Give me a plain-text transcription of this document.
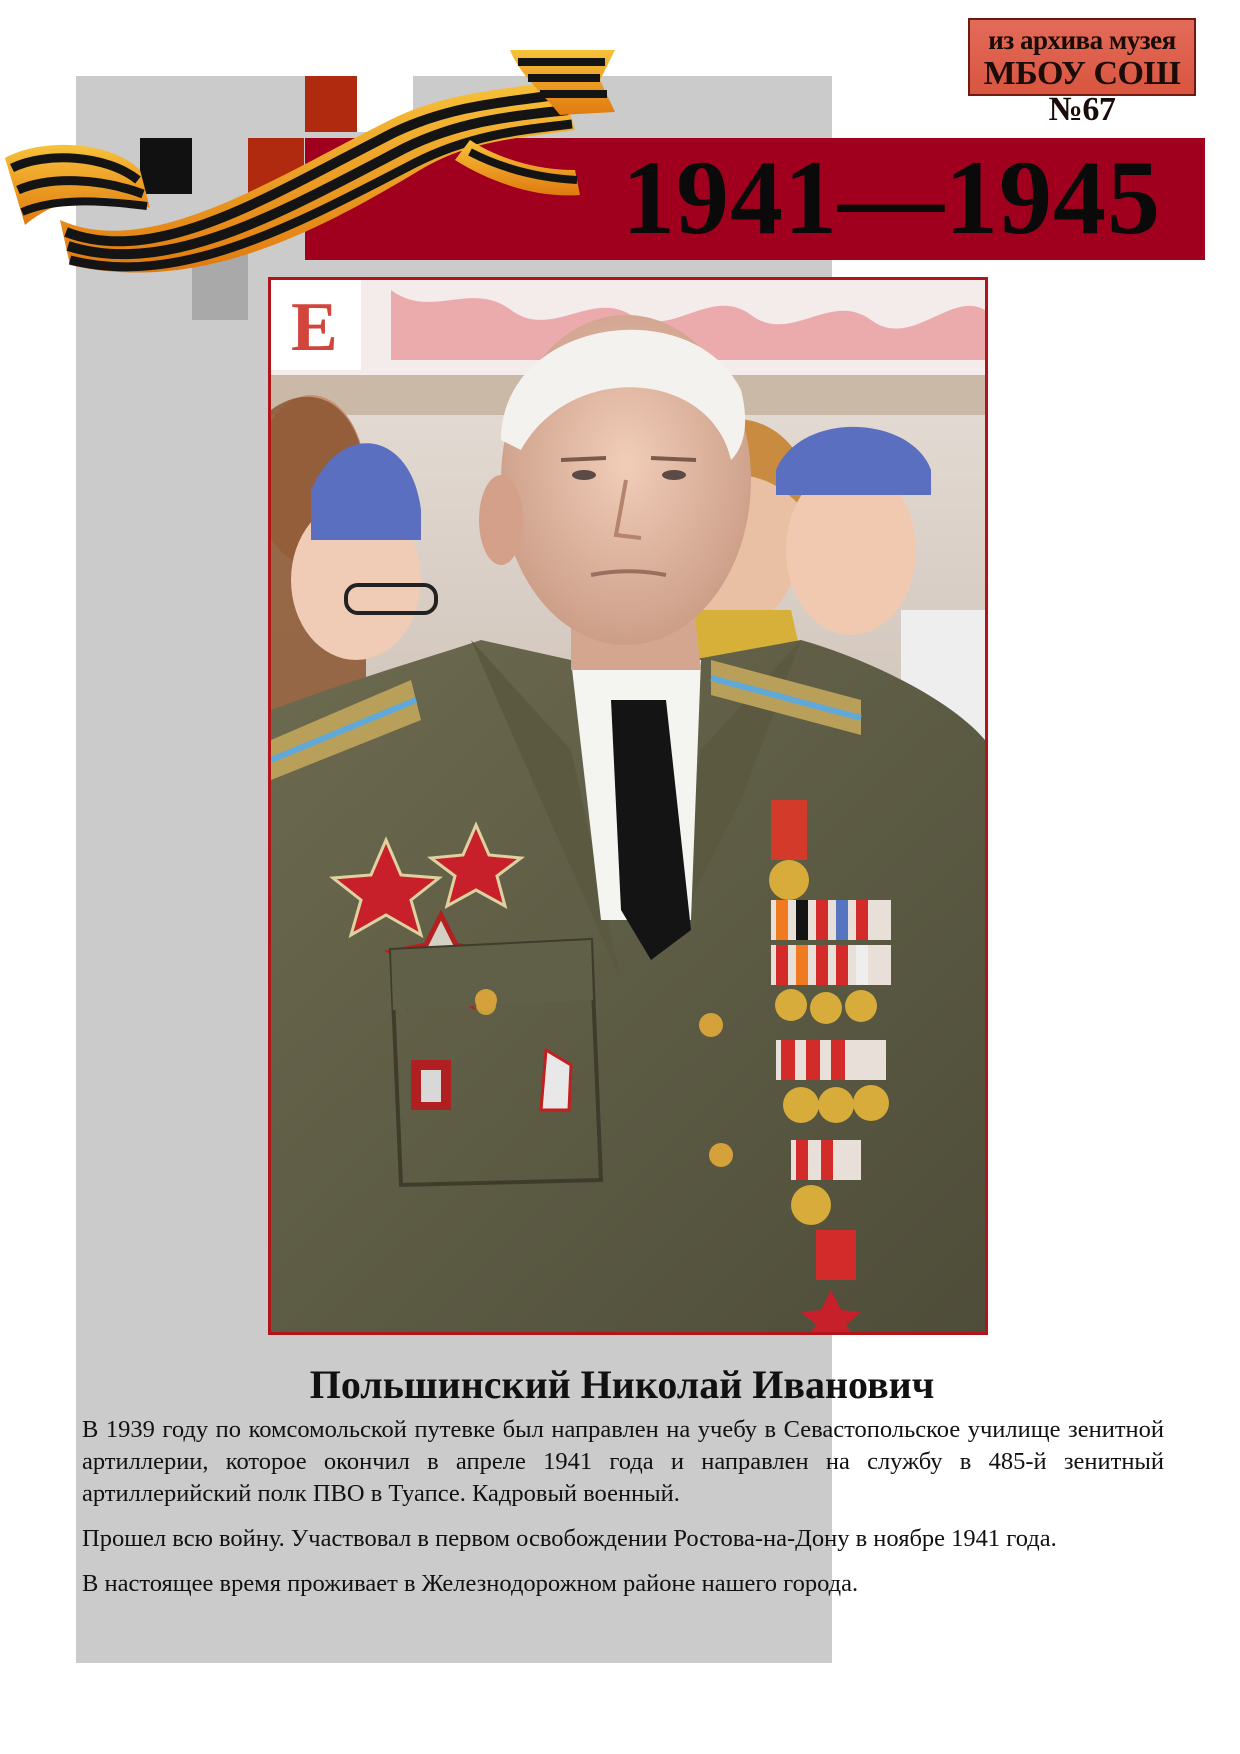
1941—1945
из архива музея
МБОУ СОШ №67
E
Польшинский Николай Иванович

В 1939 году по комсомольской путевке был направлен на учебу в Севастопольское училище зенитной артиллерии, которое окончил в апреле 1941 года и направлен на службу в 485-й зенитный артиллерийский полк ПВО в Туапсе. Кадровый военный.

Прошел всю войну. Участвовал в первом освобождении Ростова-на-Дону в ноябре 1941 года.

В настоящее время проживает в Железнодорожном районе нашего города.
